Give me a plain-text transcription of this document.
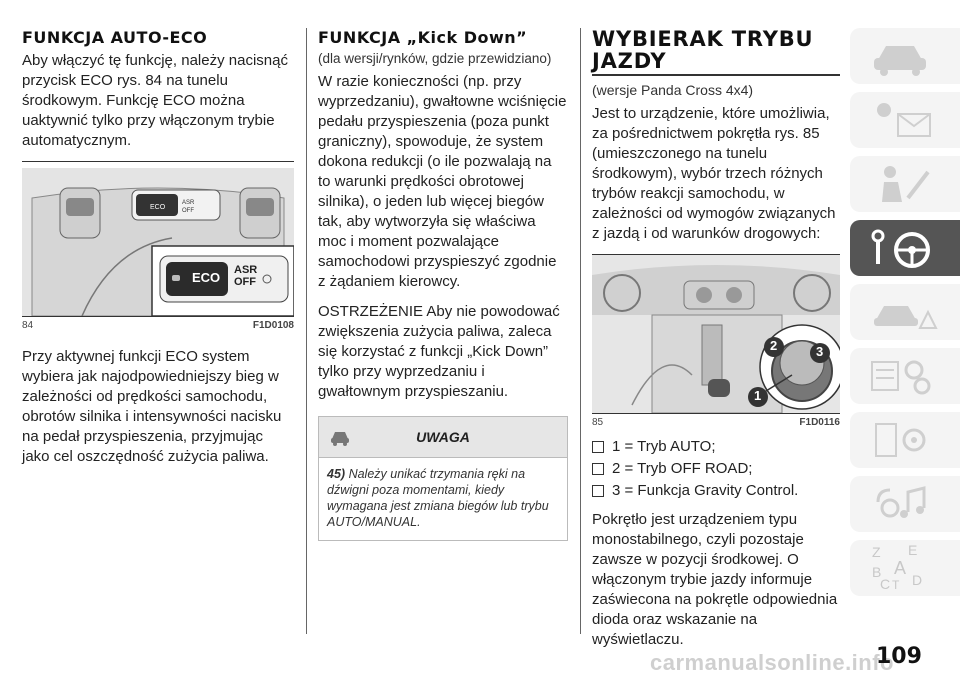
FUNKCJA AUTO-ECO

Aby włączyć tę funkcję, należy nacisnąć przycisk ECO rys. 84 na tunelu środkowym. Funkcję ECO można uaktywnić tylko przy włączonym trybie automatycznym.

ECO
ASR
OFF
ECO ASR
OFF
84	F1D0108

Przy aktywnej funkcji ECO system wybiera jak najodpowiedniejszy bieg w zależności od prędkości samochodu, obrotów silnika i intensywności nacisku na pedał przyspieszenia, przyjmując jako cel oszczędność zużycia paliwa.

FUNKCJA „Kick Down”
(dla wersji/rynków, gdzie przewidziano)

W razie konieczności (np. przy wyprzedzaniu), gwałtowne wciśnięcie pedału przyspieszenia (poza punkt graniczny), spowoduje, że system dokona redukcji (o ile pozwalają na to warunki prędkości obrotowej silnika), o jeden lub więcej biegów tak, aby wytworzyła się właściwa moc i moment pozwalające samochodowi przyspieszyć zgodnie z żądaniem kierowcy.

OSTRZEŻENIE Aby nie powodować zwiększenia zużycia paliwa, zaleca się korzystać z funkcji „Kick Down” tylko przy wyprzedzaniu i gwałtownym przyspieszaniu.

UWAGA
45) Należy unikać trzymania ręki na dźwigni poza momentami, kiedy wymagana jest zmiana biegów lub trybu AUTO/MANUAL.
WYBIERAK TRYBU JAZDY
(wersje Panda Cross 4x4)

Jest to urządzenie, które umożliwia, za pośrednictwem pokrętła rys. 85 (umieszczonego na tunelu środkowym), wybór trzech różnych trybów reakcji samochodu, w zależności od wymogów związanych z jazdą i od warunków drogowych:

2	3
1
85	F1D0116
1 = Tryb AUTO;
2 = Tryb OFF ROAD;
3 = Funkcja Gravity Control.

Pokrętło jest urządzeniem typu monostabilnego, czyli pozostaje zawsze w pozycji środkowej. O włączonym trybie jazdy informuje zaświecona na pokrętle odpowiednia dioda oraz wskazanie na wyświetlaczu.

Z E
A
B
C T D
carmanualsonline.info
109
